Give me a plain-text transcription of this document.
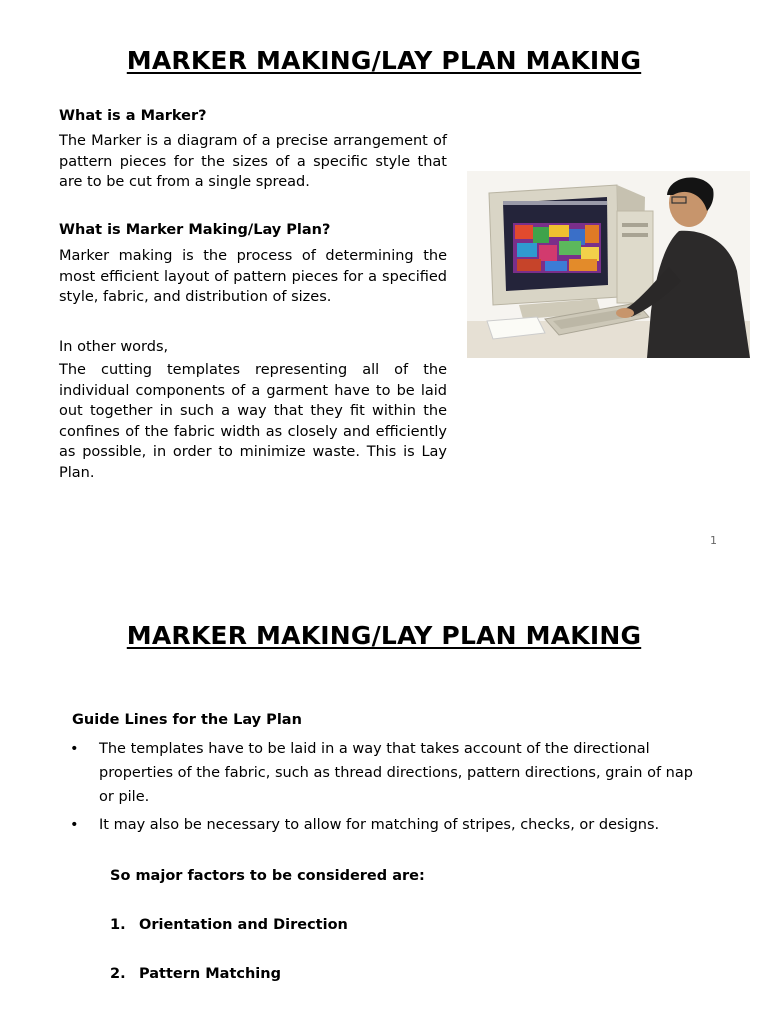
MARKER MAKING/LAY PLAN MAKING
What is a Marker?
The Marker is a diagram of a precise arrangement of pattern pieces for the sizes of a specific style that are to be cut from a single spread.
What is Marker Making/Lay Plan?
Marker making is the process of determining the most efficient layout of pattern pieces for a specified style, fabric, and distribution of sizes.
In other words,
The cutting templates representing all of the individual components of a garment have to be laid out together in such a way that they fit within the confines of the fabric width as closely and efficiently as possible, in order to minimize waste. This is Lay Plan.
1
MARKER MAKING/LAY PLAN MAKING
Guide Lines for the Lay Plan
• The templates have to be laid in a way that takes account of the directional properties of the fabric, such as thread directions, pattern directions, grain of nap or pile.
• It may also be necessary to allow for matching of stripes, checks, or designs.
So major factors to be considered are:
1. Orientation and Direction
2. Pattern Matching
